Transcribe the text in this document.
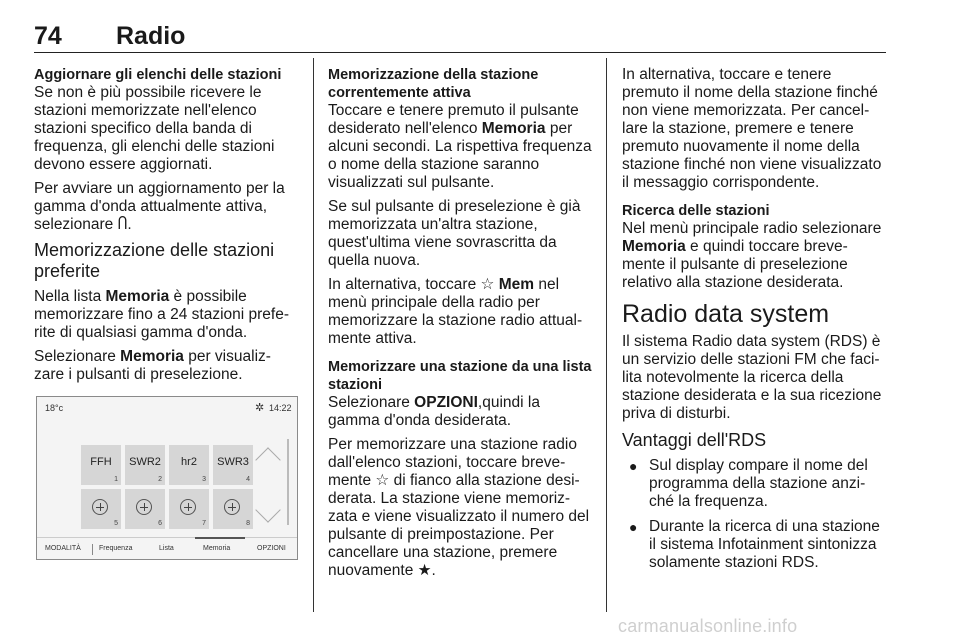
74 Radio
Aggiornare gli elenchi delle stazioni

Se non è più possibile ricevere le stazioni memorizzate nell'elenco stazioni specifico della banda di frequenza, gli elenchi delle stazioni devono essere aggiornati.

Per avviare un aggiornamento per la gamma d'onda attualmente attiva, selezionare Ⴖ.

Memorizzazione delle stazioni preferite

Nella lista Memoria è possibile memorizzare fino a 24 stazioni prefe-rite di qualsiasi gamma d'onda.

Selezionare Memoria per visualiz-zare i pulsanti di preselezione.

18°c	✲ 14:22
FFH
1
SWR2
2
hr2
3
SWR3
4
5	6	7	8
MODALITÀ	Frequenza	Lista	Memoria	OPZIONI
Memorizzazione della stazione correntemente attiva

Toccare e tenere premuto il pulsante desiderato nell'elenco Memoria per alcuni secondi. La rispettiva frequenza o nome della stazione saranno visualizzati sul pulsante.

Se sul pulsante di preselezione è già memorizzata un'altra stazione, quest'ultima viene sovrascritta da quella nuova.

In alternativa, toccare ☆ Mem nel menù principale della radio per memorizzare la stazione radio attual-mente attiva.

Memorizzare una stazione da una lista stazioni

Selezionare OPZIONI,quindi la gamma d'onda desiderata.

Per memorizzare una stazione radio dall'elenco stazioni, toccare breve-mente ☆ di fianco alla stazione desi-derata. La stazione viene memoriz-zata e viene visualizzato il numero del pulsante di preimpostazione. Per cancellare una stazione, premere nuovamente ★.

In alternativa, toccare e tenere premuto il nome della stazione finché non viene memorizzata. Per cancel-lare la stazione, premere e tenere premuto nuovamente il nome della stazione finché non viene visualizzato il messaggio corrispondente.

Ricerca delle stazioni

Nel menù principale radio selezionare Memoria e quindi toccare breve-mente il pulsante di preselezione relativo alla stazione desiderata.

Radio data system

Il sistema Radio data system (RDS) è un servizio delle stazioni FM che faci-lita notevolmente la ricerca della stazione desiderata e la sua ricezione priva di disturbi.

Vantaggi dell'RDS
● Sul display compare il nome del programma della stazione anzi-ché la frequenza.
● Durante la ricerca di una stazione il sistema Infotainment sintonizza solamente stazioni RDS.
carmanualsonline.info
